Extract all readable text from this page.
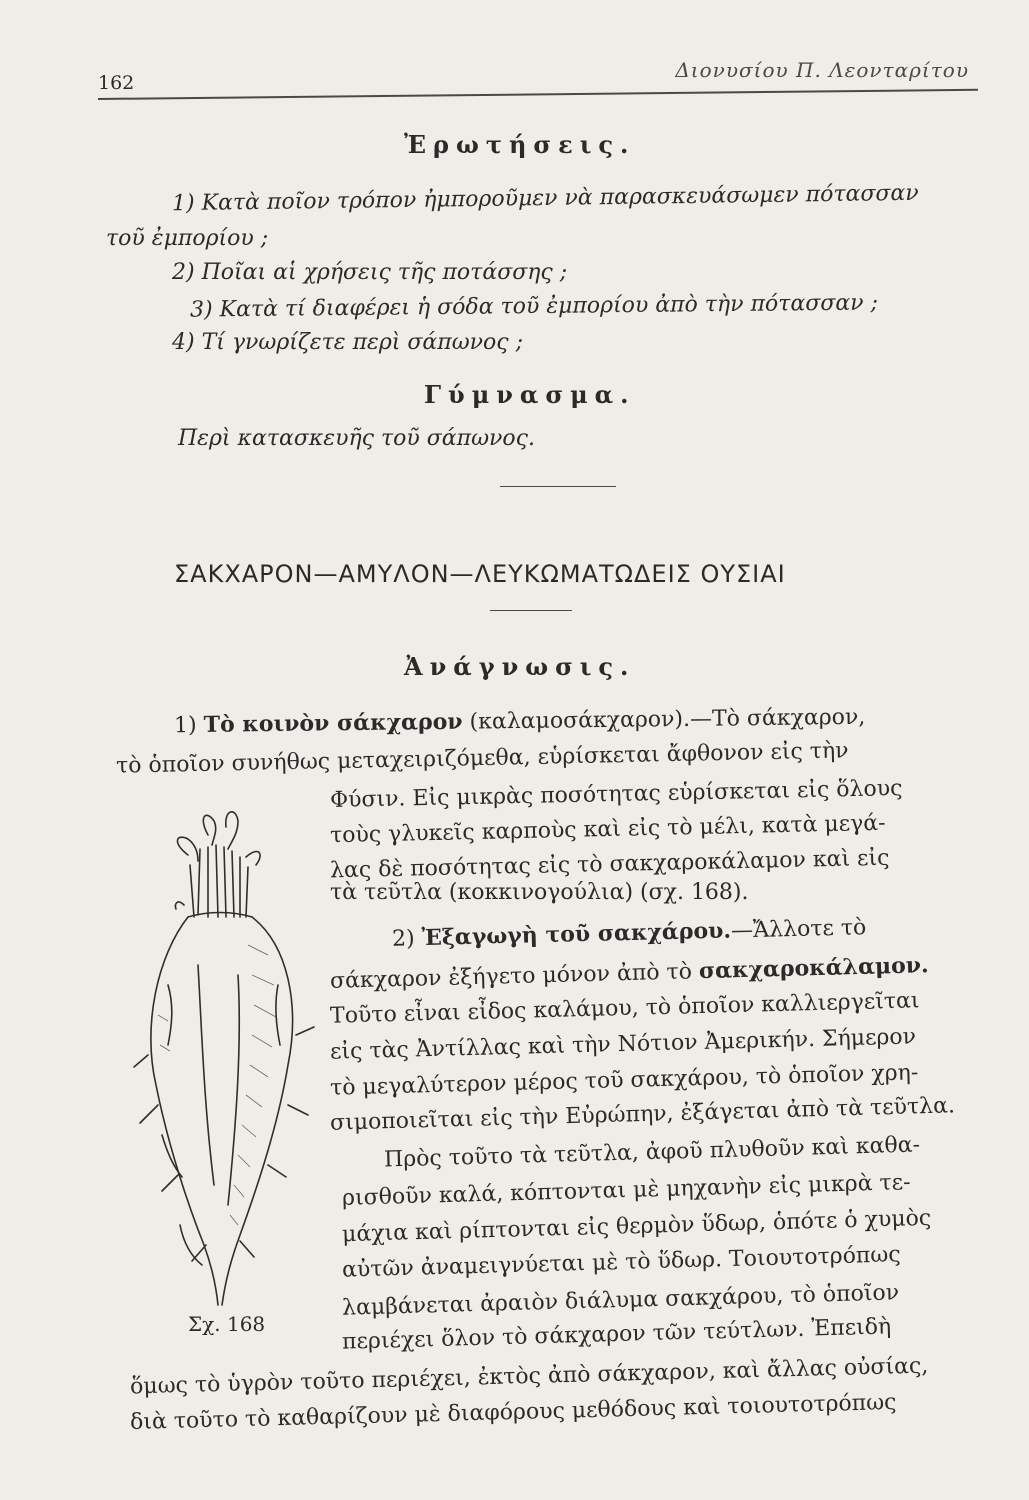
162
Διονυσίου Π. Λεονταρίτου
Ἐρωτήσεις.
1) Κατὰ ποῖον τρόπον ἠμποροῦμεν νὰ παρασκευάσωμεν πότασσαν
τοῦ ἐμπορίου ;
2) Ποῖαι αἱ χρήσεις τῆς ποτάσσης ;
3) Κατὰ τί διαφέρει ἡ σόδα τοῦ ἐμπορίου ἀπὸ τὴν πότασσαν ;
4) Τί γνωρίζετε περὶ σάπωνος ;
Γύμνασμα.
Περὶ κατασκευῆς τοῦ σάπωνος.
ΣΑΚΧΑΡΟΝ—ΑΜΥΛΟΝ—ΛΕΥΚΩΜΑΤΩΔΕΙΣ ΟΥΣΙΑΙ
Ἀνάγνωσις.
1) Τὸ κοινὸν σάκχαρον (καλαμοσάκχαρον).—Τὸ σάκχαρον,
τὸ ὁποῖον συνήθως μεταχειριζόμεθα, εὑρίσκεται ἄφθονον εἰς τὴν
Φύσιν. Εἰς μικρὰς ποσότητας εὑρίσκεται εἰς ὅλους
τοὺς γλυκεῖς καρποὺς καὶ εἰς τὸ μέλι, κατὰ μεγά-
λας δὲ ποσότητας εἰς τὸ σακχαροκάλαμον καὶ εἰς
τὰ τεῦτλα (κοκκινογούλια) (σχ. 168).
2) Ἐξαγωγὴ τοῦ σακχάρου.—Ἄλλοτε τὸ
σάκχαρον ἐξήγετο μόνον ἀπὸ τὸ σακχαροκάλαμον.
Τοῦτο εἶναι εἶδος καλάμου, τὸ ὁποῖον καλλιεργεῖται
εἰς τὰς Ἀντίλλας καὶ τὴν Νότιον Ἀμερικήν. Σήμερον
τὸ μεγαλύτερον μέρος τοῦ σακχάρου, τὸ ὁποῖον χρη-
σιμοποιεῖται εἰς τὴν Εὐρώπην, ἐξάγεται ἀπὸ τὰ τεῦτλα.
Πρὸς τοῦτο τὰ τεῦτλα, ἀφοῦ πλυθοῦν καὶ καθα-
ρισθοῦν καλά, κόπτονται μὲ μηχανὴν εἰς μικρὰ τε-
μάχια καὶ ρίπτονται εἰς θερμὸν ὕδωρ, ὁπότε ὁ χυμὸς
αὐτῶν ἀναμειγνύεται μὲ τὸ ὕδωρ. Τοιουτοτρόπως
λαμβάνεται ἀραιὸν διάλυμα σακχάρου, τὸ ὁποῖον
περιέχει ὅλον τὸ σάκχαρον τῶν τεύτλων. Ἐπειδὴ
ὅμως τὸ ὑγρὸν τοῦτο περιέχει, ἐκτὸς ἀπὸ σάκχαρον, καὶ ἄλλας οὐσίας,
διὰ τοῦτο τὸ καθαρίζουν μὲ διαφόρους μεθόδους καὶ τοιουτοτρόπως
Σχ. 168
